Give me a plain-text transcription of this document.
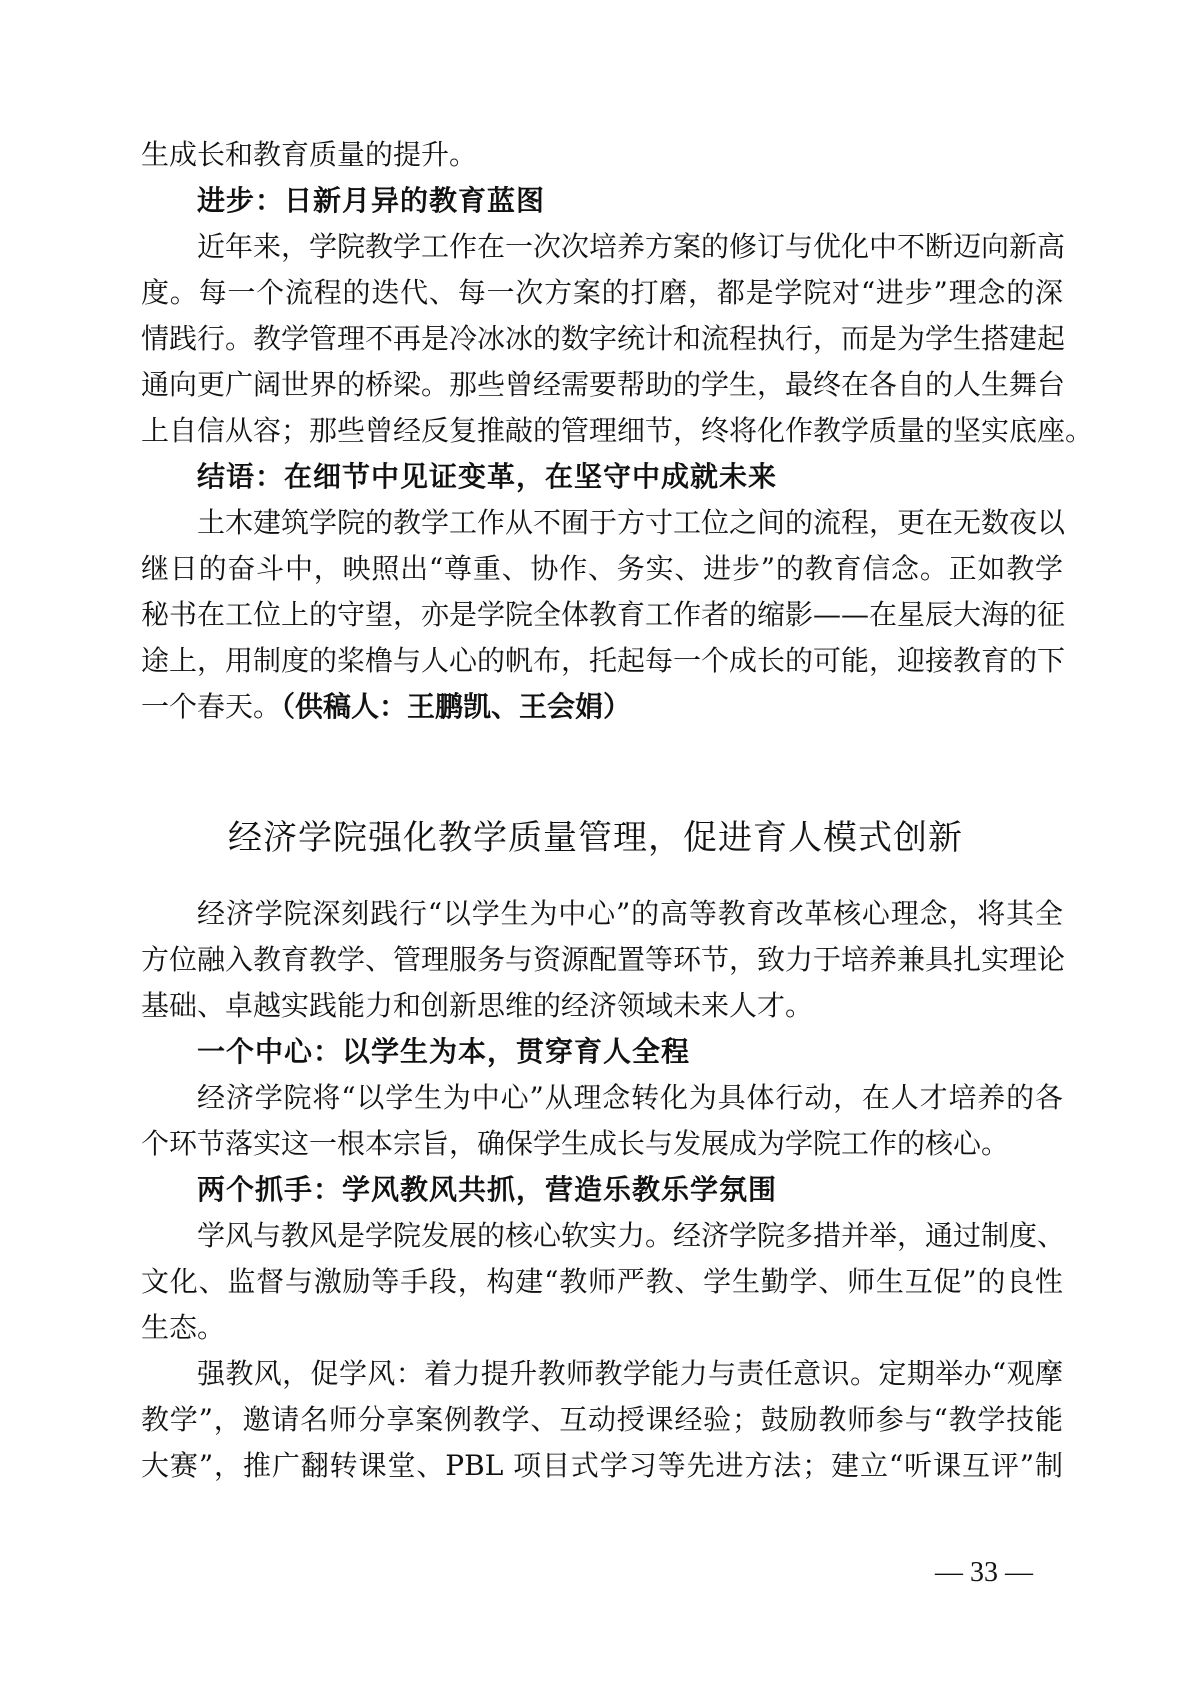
生成长和教育质量的提升。
进步：日新月异的教育蓝图
近年来，学院教学工作在一次次培养方案的修订与优化中不断迈向新高
度。每一个流程的迭代、每一次方案的打磨，都是学院对“进步”理念的深
情践行。教学管理不再是冷冰冰的数字统计和流程执行，而是为学生搭建起
通向更广阔世界的桥梁。那些曾经需要帮助的学生，最终在各自的人生舞台
上自信从容；那些曾经反复推敲的管理细节，终将化作教学质量的坚实底座。
结语：在细节中见证变革，在坚守中成就未来
土木建筑学院的教学工作从不囿于方寸工位之间的流程，更在无数夜以
继日的奋斗中，映照出“尊重、协作、务实、进步”的教育信念。正如教学
秘书在工位上的守望，亦是学院全体教育工作者的缩影——在星辰大海的征
途上，用制度的桨橹与人心的帆布，托起每一个成长的可能，迎接教育的下
一个春天。（供稿人：王鹏凯、王会娟）
经济学院强化教学质量管理，促进育人模式创新
经济学院深刻践行“以学生为中心”的高等教育改革核心理念，将其全
方位融入教育教学、管理服务与资源配置等环节，致力于培养兼具扎实理论
基础、卓越实践能力和创新思维的经济领域未来人才。
一个中心：以学生为本，贯穿育人全程
经济学院将“以学生为中心”从理念转化为具体行动，在人才培养的各
个环节落实这一根本宗旨，确保学生成长与发展成为学院工作的核心。
两个抓手：学风教风共抓，营造乐教乐学氛围
学风与教风是学院发展的核心软实力。经济学院多措并举，通过制度、
文化、监督与激励等手段，构建“教师严教、学生勤学、师生互促”的良性
生态。
强教风，促学风：着力提升教师教学能力与责任意识。定期举办“观摩
教学”，邀请名师分享案例教学、互动授课经验；鼓励教师参与“教学技能
大赛”，推广翻转课堂、PBL 项目式学习等先进方法；建立“听课互评”制
— 33 —
